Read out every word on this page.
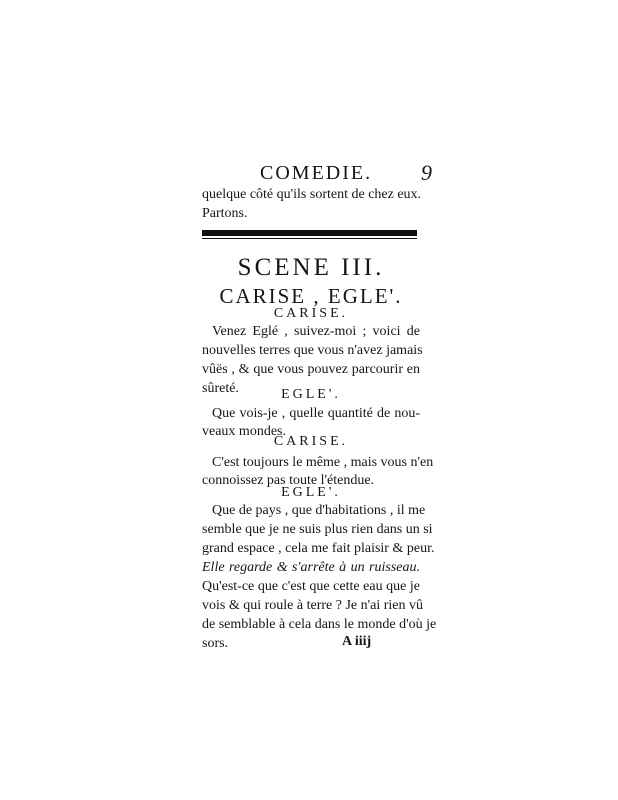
COMEDIE. 9
quelque côté qu'ils sortent de chez eux.
Partons.
SCENE III.
CARISE , EGLE'.
CARISE.
Venez Eglé , suivez-moi ; voici de
nouvelles terres que vous n'avez jamais
vûës , & que vous pouvez parcourir en
sûreté.	EGLE'.
Que vois-je , quelle quantité de nou-
veaux mondes.
CARISE.
C'est toujours le même , mais vous n'en
connoissez pas toute l'étendue.
EGLE'.
Que de pays , que d'habitations , il me
semble que je ne suis plus rien dans un si
grand espace , cela me fait plaisir & peur.
Elle regarde & s'arrête à un ruisseau.
Qu'est-ce que c'est que cette eau que je
vois & qui roule à terre ? Je n'ai rien vû
de semblable à cela dans le monde d'où je
sors.	A iiij
